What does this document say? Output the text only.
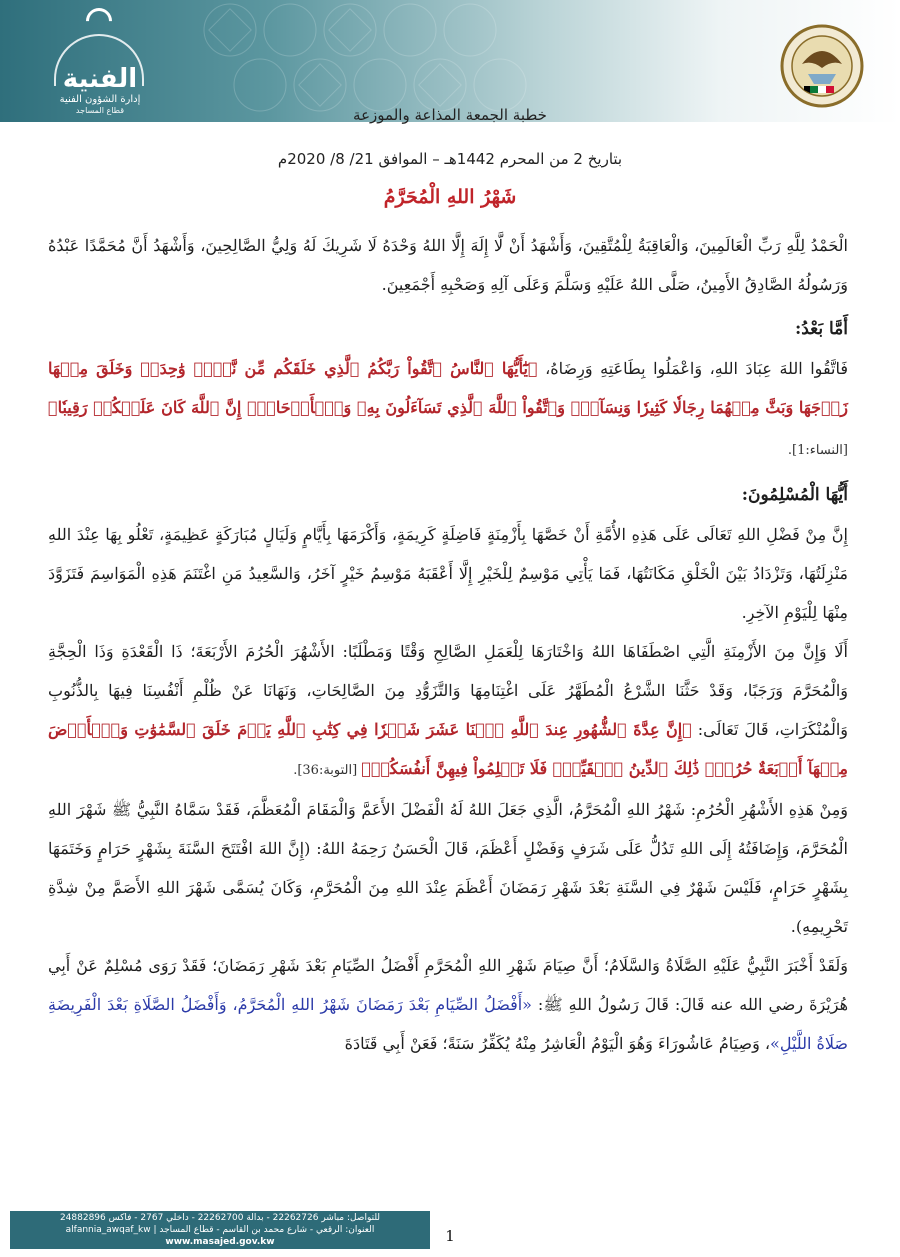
الفنية
إدارة الشؤون الفنية
قطاع المساجد	خطبة الجمعة المذاعة والموزعة
بتاريخ 2 من المحرم 1442هـ – الموافق 21/ 8/ 2020م
شَهْرُ اللهِ الْمُحَرَّمُ

الْحَمْدُ لِلَّهِ رَبِّ الْعَالَمِينَ، وَالْعَاقِبَةُ لِلْمُتَّقِينَ، وَأَشْهَدُ أَنْ لَّا إِلَهَ إِلَّا اللهُ وَحْدَهُ لَا شَرِيكَ لَهُ وَلِيُّ الصَّالِحِينَ، وَأَشْهَدُ أَنَّ مُحَمَّدًا عَبْدُهُ وَرَسُولُهُ الصَّادِقُ الأَمِينُ، صَلَّى اللهُ عَلَيْهِ وَسَلَّمَ وَعَلَى آلِهِ وَصَحْبِهِ أَجْمَعِينَ.

أَمَّا بَعْدُ:

فَاتَّقُوا اللهَ عِبَادَ اللهِ، وَاعْمَلُوا بِطَاعَتِهِ وَرِضَاهُ، ﴿يَٰٓأَيُّهَا ٱلنَّاسُ ٱتَّقُواْ رَبَّكُمُ ٱلَّذِي خَلَقَكُم مِّن نَّفۡسٖ وَٰحِدَةٖ وَخَلَقَ مِنۡهَا زَوۡجَهَا وَبَثَّ مِنۡهُمَا رِجَالٗا كَثِيرٗا وَنِسَآءٗۚ وَٱتَّقُواْ ٱللَّهَ ٱلَّذِي تَسَآءَلُونَ بِهِۦ وَٱلۡأَرۡحَامَۚ إِنَّ ٱللَّهَ كَانَ عَلَيۡكُمۡ رَقِيبٗا﴾ [النساء:1].

أَيُّهَا الْمُسْلِمُونَ:

إِنَّ مِنْ فَضْلِ اللهِ تَعَالَى عَلَى هَذِهِ الأُمَّةِ أَنْ خَصَّهَا بِأَزْمِنَةٍ فَاضِلَةٍ كَرِيمَةٍ، وَأَكْرَمَهَا بِأَيَّامٍ وَلَيَالٍ مُبَارَكَةٍ عَظِيمَةٍ، تَعْلُو بِهَا عِنْدَ اللهِ مَنْزِلَتُهَا، وَتَزْدَادُ بَيْنَ الْخَلْقِ مَكَانَتُهَا، فَمَا يَأْتِي مَوْسِمٌ لِلْخَيْرِ إِلَّا أَعْقَبَهُ مَوْسِمُ خَيْرٍ آخَرُ، وَالسَّعِيدُ مَنِ اغْتَنَمَ هَذِهِ الْمَوَاسِمَ فَتَزَوَّدَ مِنْهَا لِلْيَوْمِ الآخِرِ.

أَلَا وَإِنَّ مِنَ الأَزْمِنَةِ الَّتِي اصْطَفَاهَا اللهُ وَاخْتَارَهَا لِلْعَمَلِ الصَّالِحِ وَقْتًا وَمَطْلَبًا: الأَشْهُرَ الْحُرُمَ الأَرْبَعَةَ؛ ذَا الْقَعْدَةِ وَذَا الْحِجَّةِ وَالْمُحَرَّمَ وَرَجَبًا، وَقَدْ حَثَّنَا الشَّرْعُ الْمُطَهَّرُ عَلَى اغْتِنَامِهَا وَالتَّزَوُّدِ مِنَ الصَّالِحَاتِ، وَنَهَانَا عَنْ ظُلْمِ أَنْفُسِنَا فِيهَا بِالذُّنُوبِ وَالْمُنْكَرَاتِ، قَالَ تَعَالَى: ﴿إِنَّ عِدَّةَ ٱلشُّهُورِ عِندَ ٱللَّهِ ٱثۡنَا عَشَرَ شَهۡرٗا فِي كِتَٰبِ ٱللَّهِ يَوۡمَ خَلَقَ ٱلسَّمَٰوَٰتِ وَٱلۡأَرۡضَ مِنۡهَآ أَرۡبَعَةٌ حُرُمٞۚ ذَٰلِكَ ٱلدِّينُ ٱلۡقَيِّمُۚ فَلَا تَظۡلِمُواْ فِيهِنَّ أَنفُسَكُمۡ﴾ [التوبة:36].

وَمِنْ هَذِهِ الأَشْهُرِ الْحُرُمِ: شَهْرُ اللهِ الْمُحَرَّمُ، الَّذِي جَعَلَ اللهُ لَهُ الْفَضْلَ الأَعَمَّ وَالْمَقَامَ الْمُعَظَّمَ، فَقَدْ سَمَّاهُ النَّبِيُّ ﷺ شَهْرَ اللهِ الْمُحَرَّمَ، وَإِضَافَتُهُ إِلَى اللهِ تَدُلُّ عَلَى شَرَفٍ وَفَضْلٍ أَعْظَمَ، قَالَ الْحَسَنُ رَحِمَهُ اللهُ: (إِنَّ اللهَ افْتَتَحَ السَّنَةَ بِشَهْرٍ حَرَامٍ وَخَتَمَهَا بِشَهْرٍ حَرَامٍ، فَلَيْسَ شَهْرٌ فِي السَّنَةِ بَعْدَ شَهْرِ رَمَضَانَ أَعْظَمَ عِنْدَ اللهِ مِنَ الْمُحَرَّمِ، وَكَانَ يُسَمَّى شَهْرَ اللهِ الأَصَمَّ مِنْ شِدَّةِ تَحْرِيمِهِ).

وَلَقَدْ أَخْبَرَ النَّبِيُّ عَلَيْهِ الصَّلَاةُ وَالسَّلَامُ؛ أَنَّ صِيَامَ شَهْرِ اللهِ الْمُحَرَّمِ أَفْضَلُ الصِّيَامِ بَعْدَ شَهْرِ رَمَضَانَ؛ فَقَدْ رَوَى مُسْلِمٌ عَنْ أَبِي هُرَيْرَةَ رضي الله عنه قَالَ: قَالَ رَسُولُ اللهِ ﷺ: «أَفْضَلُ الصِّيَامِ بَعْدَ رَمَضَانَ شَهْرُ اللهِ الْمُحَرَّمُ، وَأَفْضَلُ الصَّلَاةِ بَعْدَ الْفَرِيضَةِ صَلَاةُ اللَّيْلِ»، وَصِيَامُ عَاشُورَاءَ وَهُوَ الْيَوْمُ الْعَاشِرُ مِنْهُ يُكَفِّرُ سَنَةً؛ فَعَنْ أَبِي قَتَادَةَ

للتواصل: مباشر 22262726 - بدالة 22262700 - داخلي 2767 - فاكس 24882896
العنوان: الرقعي - شارع محمد بن القاسم - قطاع المساجد | alfannia_awqaf_kw
www.masajed.gov.kw	1
